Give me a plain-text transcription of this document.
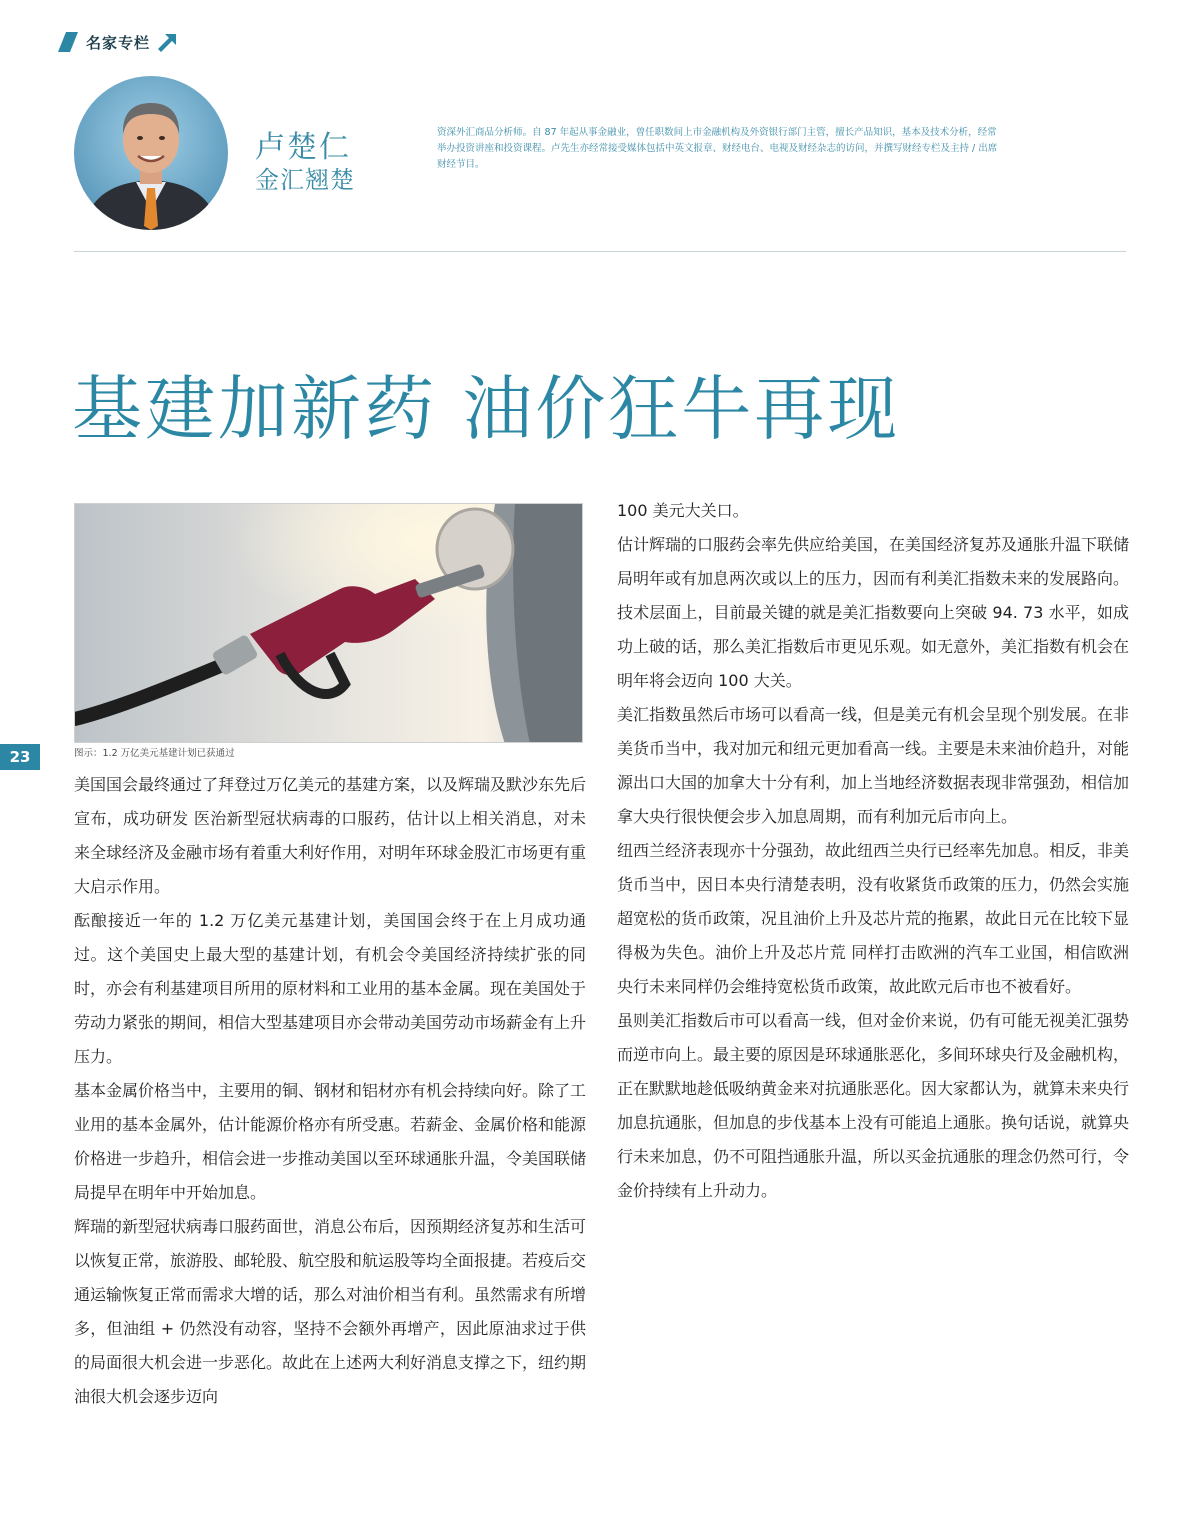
名家专栏
卢楚仁
金汇翘楚
资深外汇商品分析师。自 87 年起从事金融业，曾任职数间上市金融机构及外资银行部门主管，擅长产品知识，基本及技术分析，经常举办投资讲座和投资课程。卢先生亦经常接受媒体包括中英文报章、财经电台、电视及财经杂志的访问，并撰写财经专栏及主持 / 出席财经节目。
基建加新药 油价狂牛再现
图示：1.2 万亿美元基建计划已获通过
23

美国国会最终通过了拜登过万亿美元的基建方案，以及辉瑞及默沙东先后宣布，成功研发 医治新型冠状病毒的口服药，估计以上相关消息，对未来全球经济及金融市场有着重大利好作用，对明年环球金股汇市场更有重大启示作用。

酝酿接近一年的 1.2 万亿美元基建计划，美国国会终于在上月成功通过。这个美国史上最大型的基建计划，有机会令美国经济持续扩张的同时，亦会有利基建项目所用的原材料和工业用的基本金属。现在美国处于劳动力紧张的期间，相信大型基建项目亦会带动美国劳动市场薪金有上升压力。

基本金属价格当中，主要用的铜、钢材和铝材亦有机会持续向好。除了工业用的基本金属外，估计能源价格亦有所受惠。若薪金、金属价格和能源价格进一步趋升，相信会进一步推动美国以至环球通胀升温，令美国联储局提早在明年中开始加息。

辉瑞的新型冠状病毒口服药面世，消息公布后，因预期经济复苏和生活可以恢复正常，旅游股、邮轮股、航空股和航运股等均全面报捷。若疫后交通运输恢复正常而需求大增的话，那么对油价相当有利。虽然需求有所增多，但油组 + 仍然没有动容，坚持不会额外再增产，因此原油求过于供的局面很大机会进一步恶化。故此在上述两大利好消息支撑之下，纽约期油很大机会逐步迈向

100 美元大关口。

估计辉瑞的口服药会率先供应给美国，在美国经济复苏及通胀升温下联储局明年或有加息两次或以上的压力，因而有利美汇指数未来的发展路向。技术层面上，目前最关键的就是美汇指数要向上突破 94. 73 水平，如成功上破的话，那么美汇指数后市更见乐观。如无意外，美汇指数有机会在明年将会迈向 100 大关。

美汇指数虽然后市场可以看高一线，但是美元有机会呈现个别发展。在非美货币当中，我对加元和纽元更加看高一线。主要是未来油价趋升，对能源出口大国的加拿大十分有利，加上当地经济数据表现非常强劲，相信加拿大央行很快便会步入加息周期，而有利加元后市向上。

纽西兰经济表现亦十分强劲，故此纽西兰央行已经率先加息。相反，非美货币当中，因日本央行清楚表明，没有收紧货币政策的压力，仍然会实施超宽松的货币政策，况且油价上升及芯片荒的拖累，故此日元在比较下显得极为失色。油价上升及芯片荒 同样打击欧洲的汽车工业国，相信欧洲央行未来同样仍会维持宽松货币政策，故此欧元后市也不被看好。

虽则美汇指数后市可以看高一线，但对金价来说，仍有可能无视美汇强势而逆市向上。最主要的原因是环球通胀恶化，多间环球央行及金融机构，正在默默地趁低吸纳黄金来对抗通胀恶化。因大家都认为，就算未来央行加息抗通胀，但加息的步伐基本上没有可能追上通胀。换句话说，就算央行未来加息，仍不可阻挡通胀升温，所以买金抗通胀的理念仍然可行，令金价持续有上升动力。
